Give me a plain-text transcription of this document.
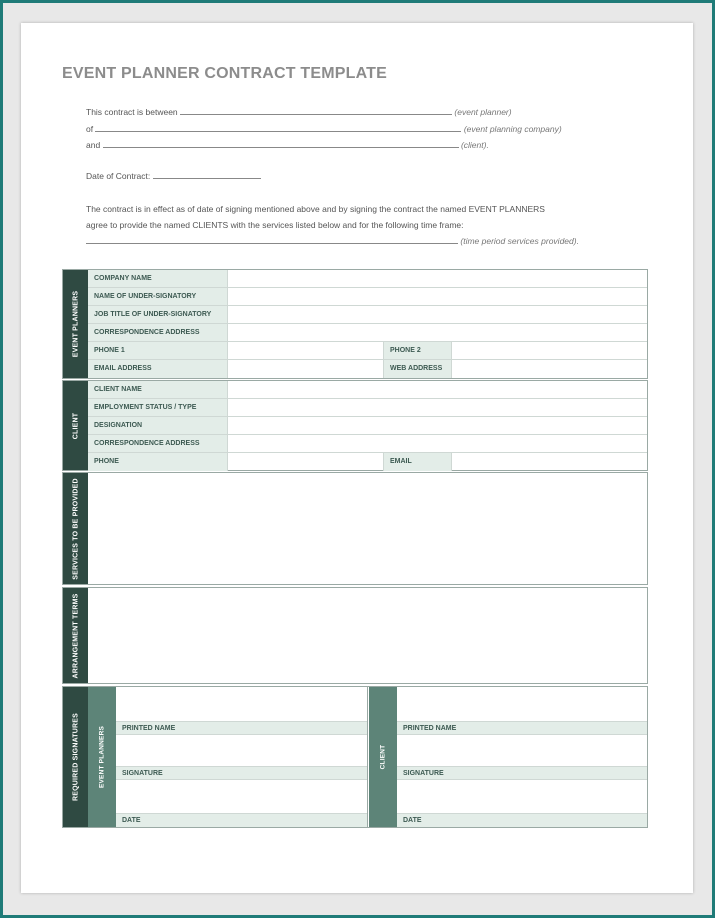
EVENT PLANNER CONTRACT TEMPLATE
This contract is between	(event planner)
of	(event planning company)
and	(client).
Date of Contract:
The contract is in effect as of date of signing mentioned above and by signing the contract the named EVENT PLANNERS
agree to provide the named CLIENTS with the services listed below and for the following time frame:
(time period services provided).
EVENT PLANNERS
COMPANY NAME
NAME OF UNDER-SIGNATORY
JOB TITLE OF UNDER-SIGNATORY
CORRESPONDENCE ADDRESS
PHONE 1	PHONE 2
EMAIL ADDRESS	WEB ADDRESS
CLIENT
CLIENT NAME
EMPLOYMENT STATUS / TYPE
DESIGNATION
CORRESPONDENCE ADDRESS
PHONE	EMAIL
SERVICES TO BE PROVIDED
ARRANGEMENT TERMS
REQUIRED SIGNATURES	EVENT PLANNERS	PRINTED NAME
SIGNATURE
DATE
CLIENT
PRINTED NAME
SIGNATURE
DATE
